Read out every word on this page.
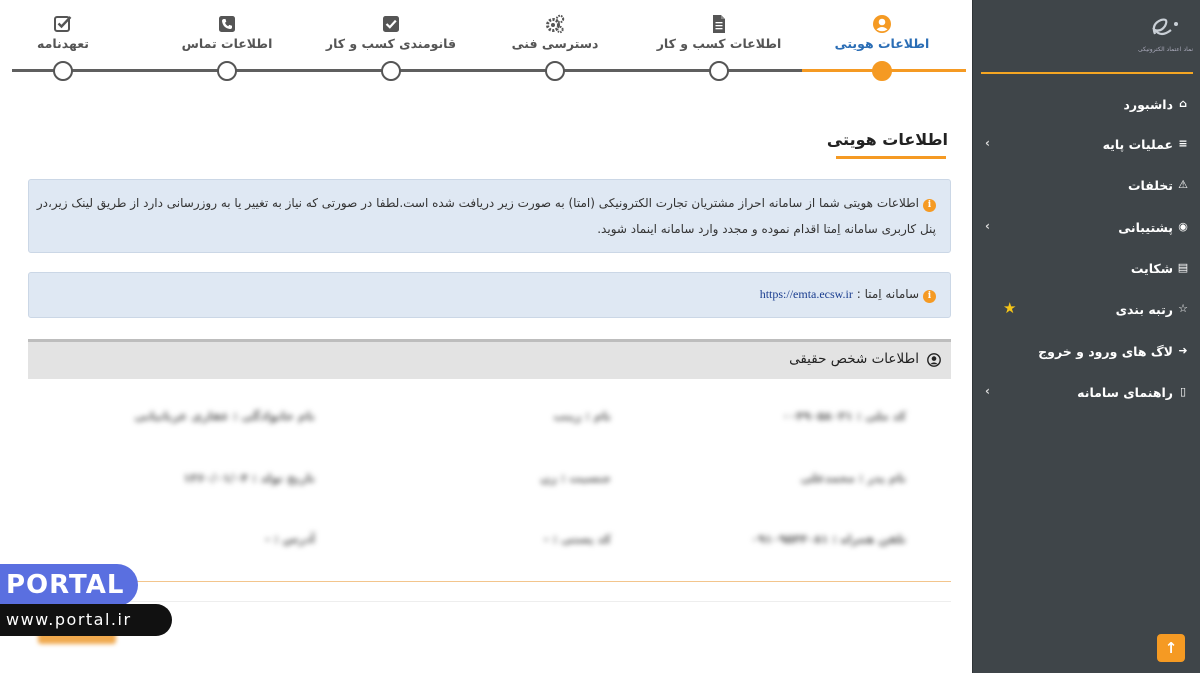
اطلاعات هویتی
اطلاعات کسب و کار
دسترسی فنی
قانومندی کسب و کار
اطلاعات تماس
تعهدنامه
اطلاعات هویتی
iاطلاعات هویتی شما از سامانه احراز مشتریان تجارت الکترونیکی (امتا) به صورت زیر دریافت شده است.لطفا در صورتی که نیاز به تغییر یا به روزرسانی دارد از طریق لینک زیر،در پنل کاربری سامانه اِمتا اقدام نموده و مجدد وارد سامانه اینماد شوید.
iسامانه اِمتا : https://emta.ecsw.ir
اطلاعات شخص حقیقی
کد ملی : ۰۰۴۹۰۵۸۰۳۱
نام : زینب
نام خانوادگی : غفاری عربانیانی
نام پدر : محمدعلی
جنسیت : زن
تاریخ تولد : ۱۳۶۰/۰۱/۰۴
تلفن همراه : ۰۹۱۰۹۵۴۴۰۸۱
کد پستی : -
آدرس : -
نماد اعتماد الکترونیکی
⌂
داشبورد
‹	≡
عملیات پایه
⚠
تخلفات
‹	◉
پشتیبانی
▤
شکایت
★	☆
رتبه بندی
➜
لاگ های ورود و خروج
‹	▯
راهنمای سامانه
↑
PORTAL
www.portal.ir
